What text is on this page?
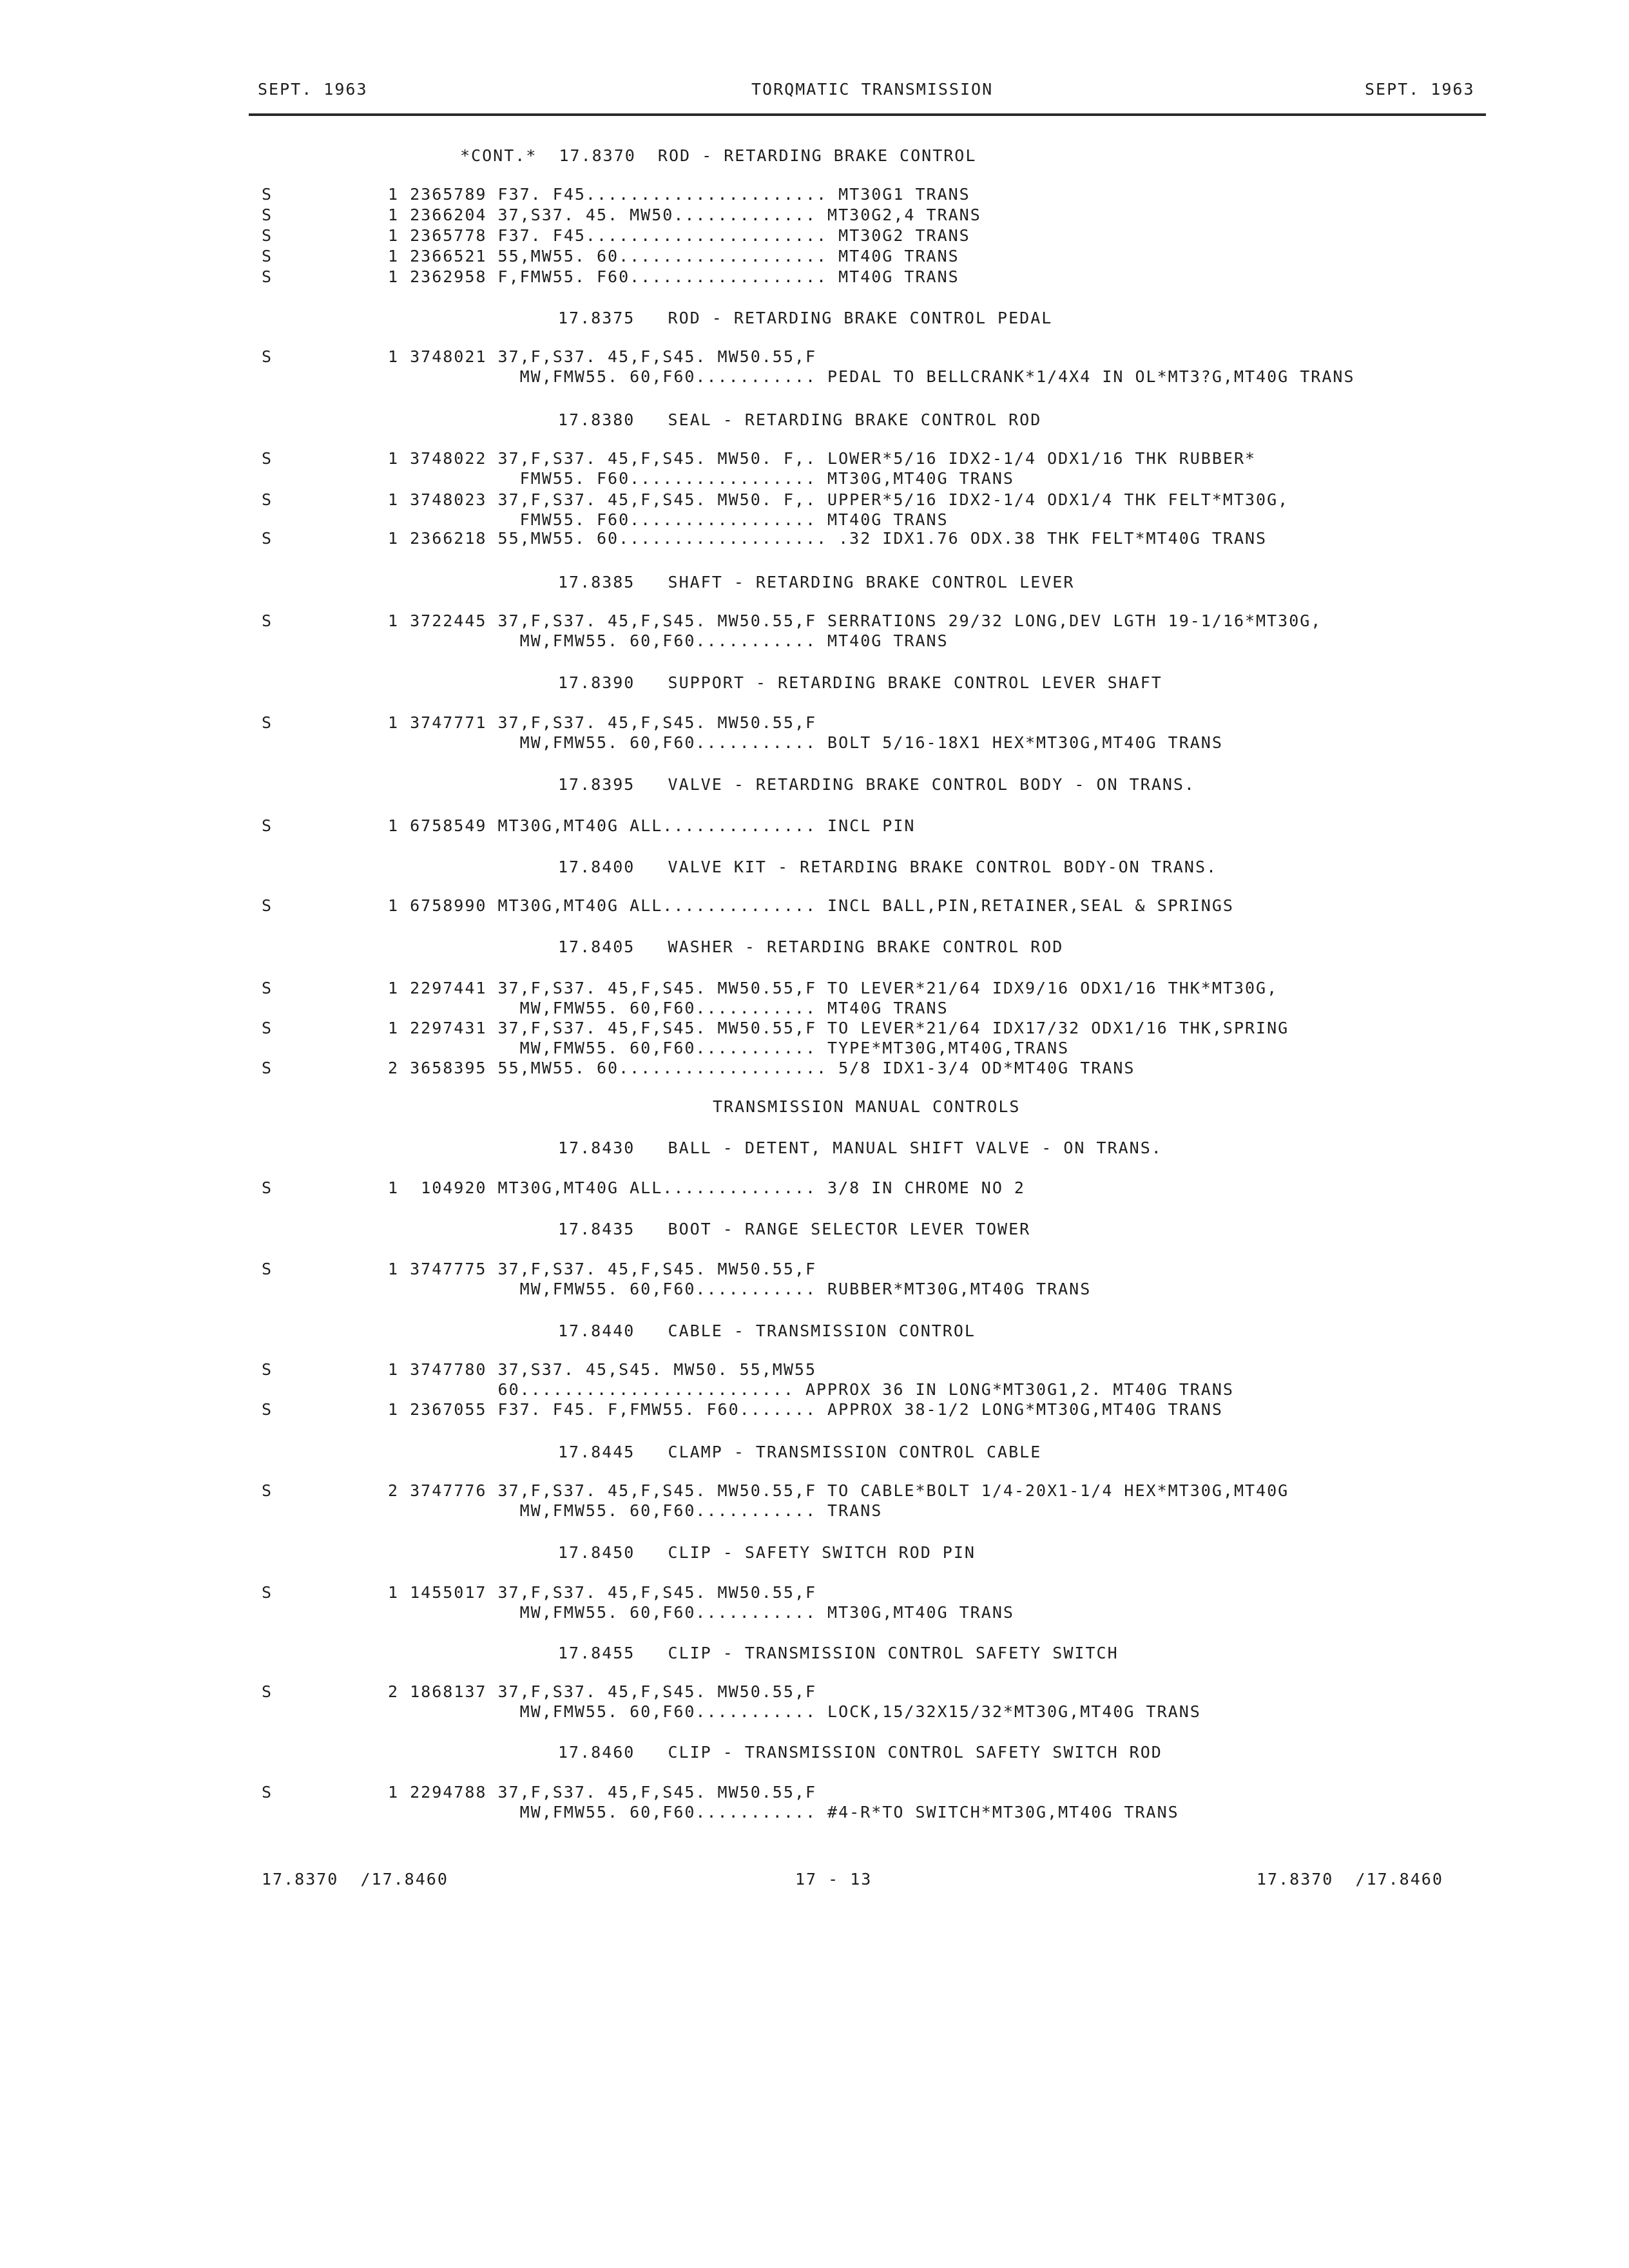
SEPT. 1963	TORQMATIC TRANSMISSION	SEPT. 1963
*CONT.*  17.8370  ROD - RETARDING BRAKE CONTROL
S	1 2365789 F37. F45...................... MT30G1 TRANS
S	1 2366204 37,S37. 45. MW50............. MT30G2,4 TRANS
S	1 2365778 F37. F45...................... MT30G2 TRANS
S	1 2366521 55,MW55. 60................... MT40G TRANS
S	1 2362958 F,FMW55. F60.................. MT40G TRANS
17.8375   ROD - RETARDING BRAKE CONTROL PEDAL
S	1 3748021 37,F,S37. 45,F,S45. MW50.55,F
MW,FMW55. 60,F60........... PEDAL TO BELLCRANK*1/4X4 IN OL*MT3?G,MT40G TRANS
17.8380   SEAL - RETARDING BRAKE CONTROL ROD
S	1 3748022 37,F,S37. 45,F,S45. MW50. F,. LOWER*5/16 IDX2-1/4 ODX1/16 THK RUBBER*
FMW55. F60................. MT30G,MT40G TRANS
S	1 3748023 37,F,S37. 45,F,S45. MW50. F,. UPPER*5/16 IDX2-1/4 ODX1/4 THK FELT*MT30G,
FMW55. F60................. MT40G TRANS
S	1 2366218 55,MW55. 60................... .32 IDX1.76 ODX.38 THK FELT*MT40G TRANS
17.8385   SHAFT - RETARDING BRAKE CONTROL LEVER
S	1 3722445 37,F,S37. 45,F,S45. MW50.55,F SERRATIONS 29/32 LONG,DEV LGTH 19-1/16*MT30G,
MW,FMW55. 60,F60........... MT40G TRANS
17.8390   SUPPORT - RETARDING BRAKE CONTROL LEVER SHAFT
S	1 3747771 37,F,S37. 45,F,S45. MW50.55,F
MW,FMW55. 60,F60........... BOLT 5/16-18X1 HEX*MT30G,MT40G TRANS
17.8395   VALVE - RETARDING BRAKE CONTROL BODY - ON TRANS.
S	1 6758549 MT30G,MT40G ALL.............. INCL PIN
17.8400   VALVE KIT - RETARDING BRAKE CONTROL BODY-ON TRANS.
S	1 6758990 MT30G,MT40G ALL.............. INCL BALL,PIN,RETAINER,SEAL & SPRINGS
17.8405   WASHER - RETARDING BRAKE CONTROL ROD
S	1 2297441 37,F,S37. 45,F,S45. MW50.55,F TO LEVER*21/64 IDX9/16 ODX1/16 THK*MT30G,
MW,FMW55. 60,F60........... MT40G TRANS
S	1 2297431 37,F,S37. 45,F,S45. MW50.55,F TO LEVER*21/64 IDX17/32 ODX1/16 THK,SPRING
MW,FMW55. 60,F60........... TYPE*MT30G,MT40G,TRANS
S	2 3658395 55,MW55. 60................... 5/8 IDX1-3/4 OD*MT40G TRANS
TRANSMISSION MANUAL CONTROLS
17.8430   BALL - DETENT, MANUAL SHIFT VALVE - ON TRANS.
S	1  104920 MT30G,MT40G ALL.............. 3/8 IN CHROME NO 2
17.8435   BOOT - RANGE SELECTOR LEVER TOWER
S	1 3747775 37,F,S37. 45,F,S45. MW50.55,F
MW,FMW55. 60,F60........... RUBBER*MT30G,MT40G TRANS
17.8440   CABLE - TRANSMISSION CONTROL
S	1 3747780 37,S37. 45,S45. MW50. 55,MW55
60......................... APPROX 36 IN LONG*MT30G1,2. MT40G TRANS
S	1 2367055 F37. F45. F,FMW55. F60....... APPROX 38-1/2 LONG*MT30G,MT40G TRANS
17.8445   CLAMP - TRANSMISSION CONTROL CABLE
S	2 3747776 37,F,S37. 45,F,S45. MW50.55,F TO CABLE*BOLT 1/4-20X1-1/4 HEX*MT30G,MT40G
MW,FMW55. 60,F60........... TRANS
17.8450   CLIP - SAFETY SWITCH ROD PIN
S	1 1455017 37,F,S37. 45,F,S45. MW50.55,F
MW,FMW55. 60,F60........... MT30G,MT40G TRANS
17.8455   CLIP - TRANSMISSION CONTROL SAFETY SWITCH
S	2 1868137 37,F,S37. 45,F,S45. MW50.55,F
MW,FMW55. 60,F60........... LOCK,15/32X15/32*MT30G,MT40G TRANS
17.8460   CLIP - TRANSMISSION CONTROL SAFETY SWITCH ROD
S	1 2294788 37,F,S37. 45,F,S45. MW50.55,F
MW,FMW55. 60,F60........... #4-R*TO SWITCH*MT30G,MT40G TRANS
17.8370  /17.8460	17 - 13	17.8370  /17.8460
